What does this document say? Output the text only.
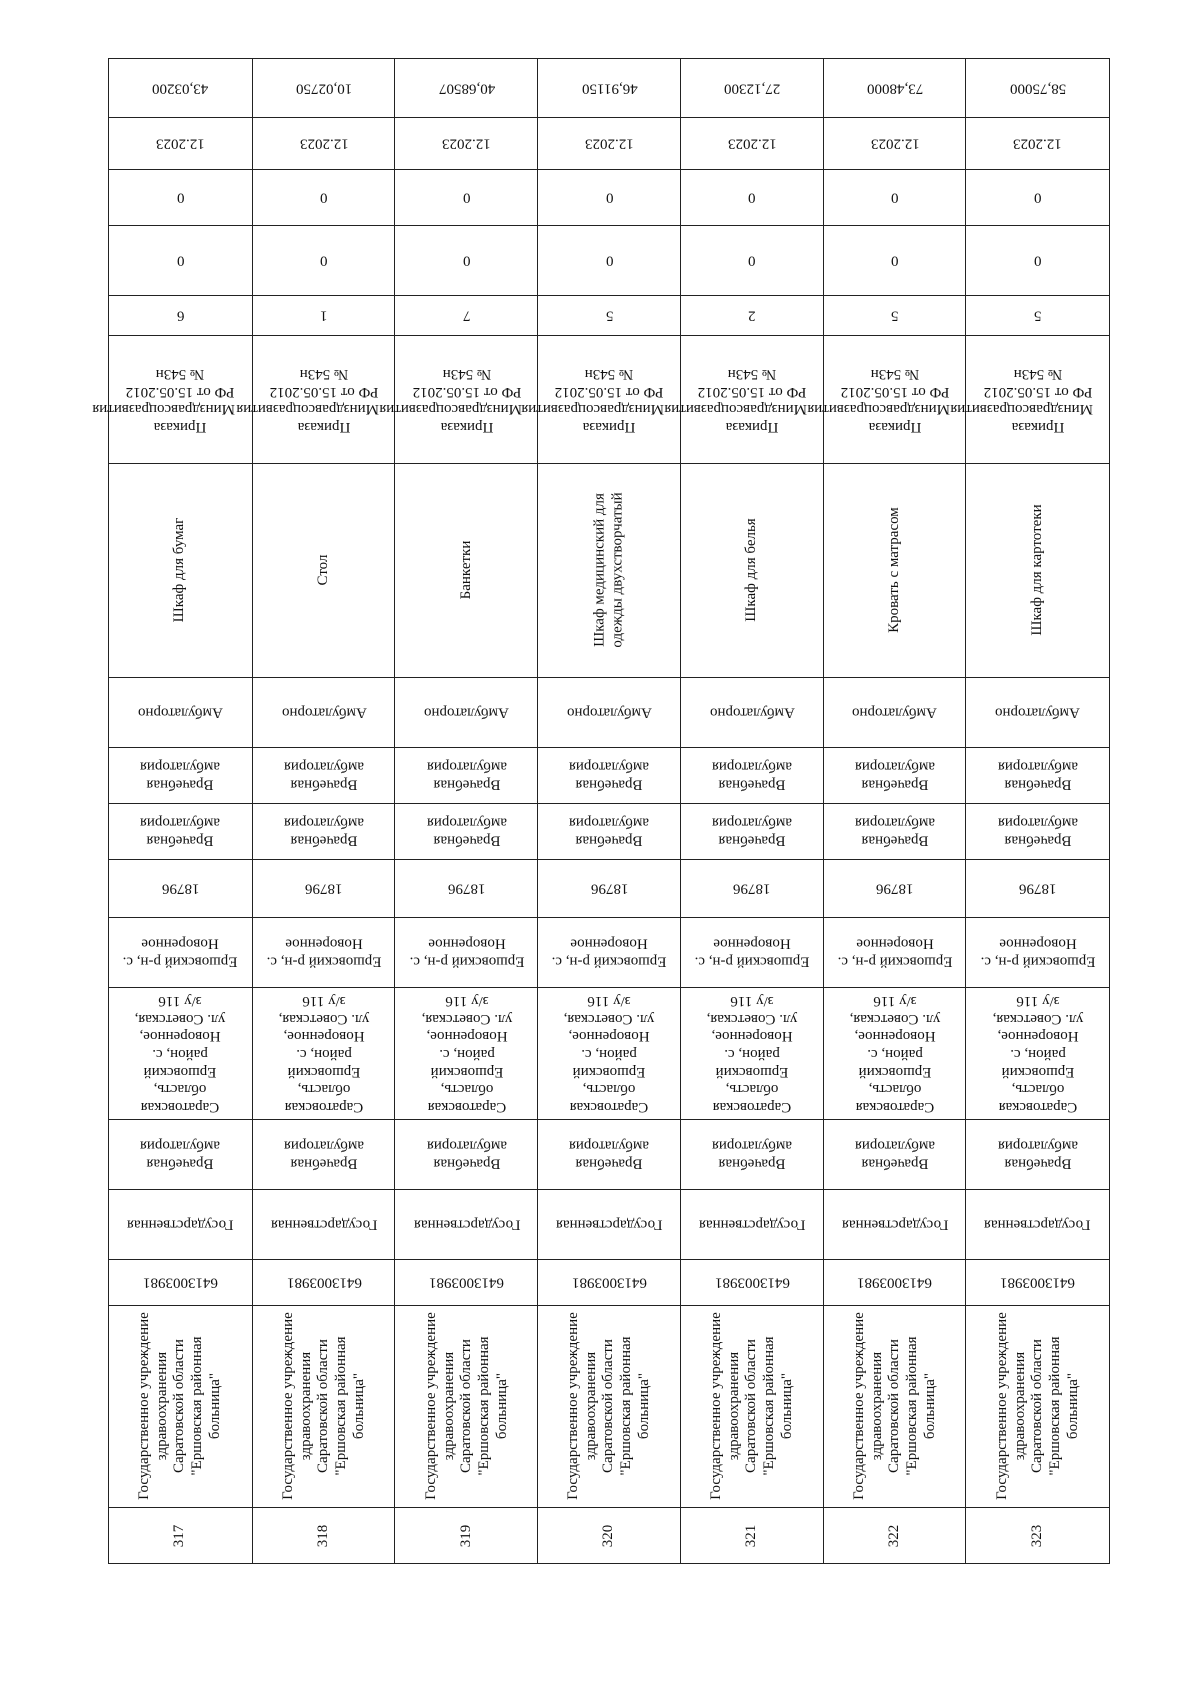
43,03200
12.2023
0
0
6
Приказа Минздравсоцразвития РФ от 15.05.2012 № 543н
Шкаф для бумаг
Амбулаторно
Врачебная амбулатория
Врачебная амбулатория
18796
Ершовский р-н, с. Новоренное
Саратовская область, Ершовский район, с. Новоренное, ул. Советская, з/у 116
Врачебная амбулатория
Государственная
6413003981
Государственное учреждение здравоохранения Саратовской области "Ершовская районная больница"
317
10,02750
12.2023
0
0
1
Приказа Минздравсоцразвития РФ от 15.05.2012 № 543н
Стол
Амбулаторно
Врачебная амбулатория
Врачебная амбулатория
18796
Ершовский р-н, с. Новоренное
Саратовская область, Ершовский район, с. Новоренное, ул. Советская, з/у 116
Врачебная амбулатория
Государственная
6413003981
Государственное учреждение здравоохранения Саратовской области "Ершовская районная больница"
318
40,68507
12.2023
0
0
7
Приказа Минздравсоцразвития РФ от 15.05.2012 № 543н
Банкетки
Амбулаторно
Врачебная амбулатория
Врачебная амбулатория
18796
Ершовский р-н, с. Новоренное
Саратовская область, Ершовский район, с. Новоренное, ул. Советская, з/у 116
Врачебная амбулатория
Государственная
6413003981
Государственное учреждение здравоохранения Саратовской области "Ершовская районная больница"
319
46,91150
12.2023
0
0
5
Приказа Минздравсоцразвития РФ от 15.05.2012 № 543н
Шкаф медицинский для одежды двухстворчатый
Амбулаторно
Врачебная амбулатория
Врачебная амбулатория
18796
Ершовский р-н, с. Новоренное
Саратовская область, Ершовский район, с. Новоренное, ул. Советская, з/у 116
Врачебная амбулатория
Государственная
6413003981
Государственное учреждение здравоохранения Саратовской области "Ершовская районная больница"
320
27,12300
12.2023
0
0
2
Приказа Минздравсоцразвития РФ от 15.05.2012 № 543н
Шкаф для белья
Амбулаторно
Врачебная амбулатория
Врачебная амбулатория
18796
Ершовский р-н, с. Новоренное
Саратовская область, Ершовский район, с. Новоренное, ул. Советская, з/у 116
Врачебная амбулатория
Государственная
6413003981
Государственное учреждение здравоохранения Саратовской области "Ершовская районная больница"
321
73,48000
12.2023
0
0
5
Приказа Минздравсоцразвития РФ от 15.05.2012 № 543н
Кровать с матрасом
Амбулаторно
Врачебная амбулатория
Врачебная амбулатория
18796
Ершовский р-н, с. Новоренное
Саратовская область, Ершовский район, с. Новоренное, ул. Советская, з/у 116
Врачебная амбулатория
Государственная
6413003981
Государственное учреждение здравоохранения Саратовской области "Ершовская районная больница"
322
58,75000
12.2023
0
0
5
Приказа Минздравсоцразвития РФ от 15.05.2012 № 543н
Шкаф для картотеки
Амбулаторно
Врачебная амбулатория
Врачебная амбулатория
18796
Ершовский р-н, с. Новоренное
Саратовская область, Ершовский район, с. Новоренное, ул. Советская, з/у 116
Врачебная амбулатория
Государственная
6413003981
Государственное учреждение здравоохранения Саратовской области "Ершовская районная больница"
323
